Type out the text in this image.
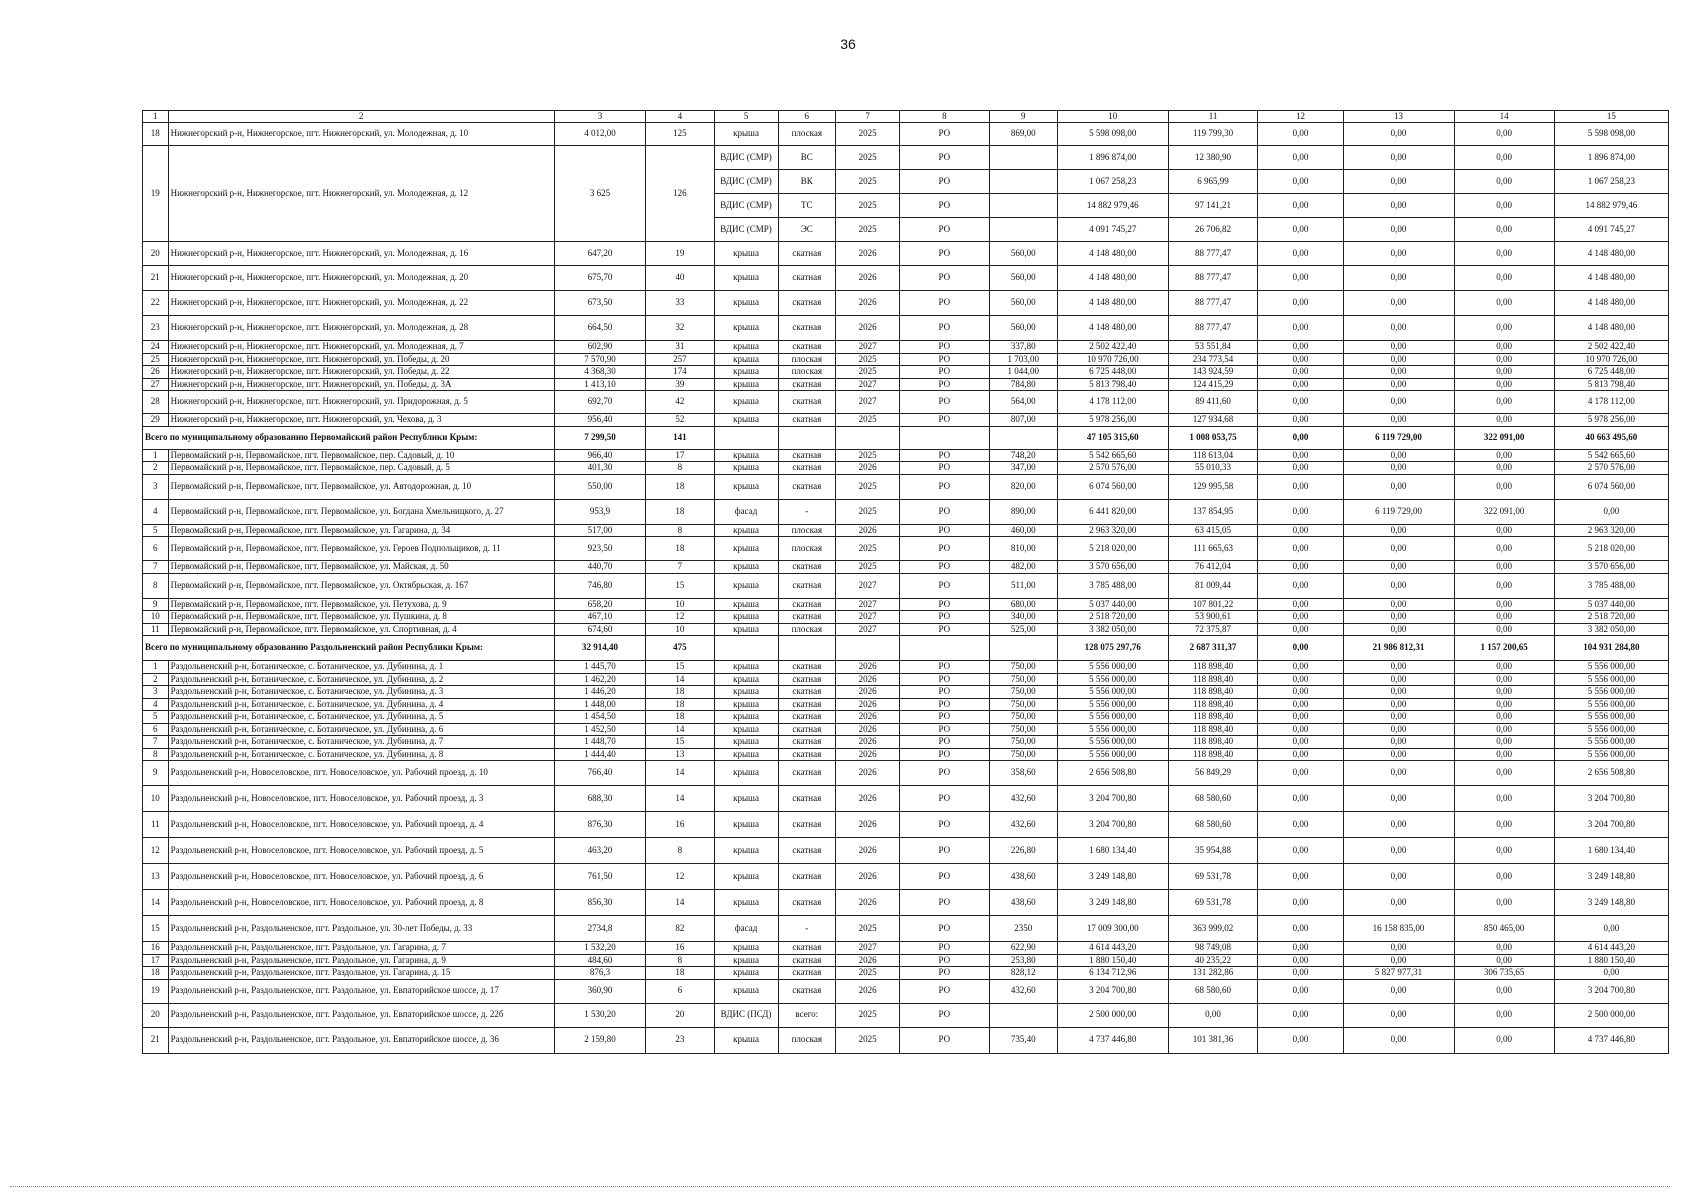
36
1	2	3	4	5	6	7	8	9	10	11	12	13	14	15
18	Нижнегорский р-н, Нижнегорское, пгт. Нижнегорский, ул. Молодежная, д. 10	4 012,00	125	крыша	плоская	2025	РО	869,00	5 598 098,00	119 799,30	0,00	0,00	0,00	5 598 098,00
19	Нижнегорский р-н, Нижнегорское, пгт. Нижнегорский, ул. Молодежная, д. 12	3 625	126	ВДИС (СМР)	ВС	2025	РО		1 896 874,00	12 380,90	0,00	0,00	0,00	1 896 874,00
				ВДИС (СМР)	ВК	2025	РО		1 067 258,23	6 965,99	0,00	0,00	0,00	1 067 258,23
				ВДИС (СМР)	ТС	2025	РО		14 882 979,46	97 141,21	0,00	0,00	0,00	14 882 979,46
				ВДИС (СМР)	ЭС	2025	РО		4 091 745,27	26 706,82	0,00	0,00	0,00	4 091 745,27
20	Нижнегорский р-н, Нижнегорское, пгт. Нижнегорский, ул. Молодежная, д. 16	647,20	19	крыша	скатная	2026	РО	560,00	4 148 480,00	88 777,47	0,00	0,00	0,00	4 148 480,00
21	Нижнегорский р-н, Нижнегорское, пгт. Нижнегорский, ул. Молодежная, д. 20	675,70	40	крыша	скатная	2026	РО	560,00	4 148 480,00	88 777,47	0,00	0,00	0,00	4 148 480,00
22	Нижнегорский р-н, Нижнегорское, пгт. Нижнегорский, ул. Молодежная, д. 22	673,50	33	крыша	скатная	2026	РО	560,00	4 148 480,00	88 777,47	0,00	0,00	0,00	4 148 480,00
23	Нижнегорский р-н, Нижнегорское, пгт. Нижнегорский, ул. Молодежная, д. 28	664,50	32	крыша	скатная	2026	РО	560,00	4 148 480,00	88 777,47	0,00	0,00	0,00	4 148 480,00
24	Нижнегорский р-н, Нижнегорское, пгт. Нижнегорский, ул. Молодежная, д. 7	602,90	31	крыша	скатная	2027	РО	337,80	2 502 422,40	53 551,84	0,00	0,00	0,00	2 502 422,40
25	Нижнегорский р-н, Нижнегорское, пгт. Нижнегорский, ул. Победы, д. 20	7 570,90	257	крыша	плоская	2025	РО	1 703,00	10 970 726,00	234 773,54	0,00	0,00	0,00	10 970 726,00
26	Нижнегорский р-н, Нижнегорское, пгт. Нижнегорский, ул. Победы, д. 22	4 368,30	174	крыша	плоская	2025	РО	1 044,00	6 725 448,00	143 924,59	0,00	0,00	0,00	6 725 448,00
27	Нижнегорский р-н, Нижнегорское, пгт. Нижнегорский, ул. Победы, д. 3А	1 413,10	39	крыша	скатная	2027	РО	784,80	5 813 798,40	124 415,29	0,00	0,00	0,00	5 813 798,40
28	Нижнегорский р-н, Нижнегорское, пгт. Нижнегорский, ул. Придорожная, д. 5	692,70	42	крыша	скатная	2027	РО	564,00	4 178 112,00	89 411,60	0,00	0,00	0,00	4 178 112,00
29	Нижнегорский р-н, Нижнегорское, пгт. Нижнегорский, ул. Чехова, д. 3	956,40	52	крыша	скатная	2025	РО	807,00	5 978 256,00	127 934,68	0,00	0,00	0,00	5 978 256,00
Всего по муниципальному образованию Первомайский район Республики Крым:		7 299,50	141						47 105 315,60	1 008 053,75	0,00	6 119 729,00	322 091,00	40 663 495,60
1	Первомайский р-н, Первомайское, пгт. Первомайское, пер. Садовый, д. 10	966,40	17	крыша	скатная	2025	РО	748,20	5 542 665,60	118 613,04	0,00	0,00	0,00	5 542 665,60
2	Первомайский р-н, Первомайское, пгт. Первомайское, пер. Садовый, д. 5	401,30	8	крыша	скатная	2026	РО	347,00	2 570 576,00	55 010,33	0,00	0,00	0,00	2 570 576,00
3	Первомайский р-н, Первомайское, пгт. Первомайское, ул. Автодорожная, д. 10	550,00	18	крыша	скатная	2025	РО	820,00	6 074 560,00	129 995,58	0,00	0,00	0,00	6 074 560,00
4	Первомайский р-н, Первомайское, пгт. Первомайское, ул. Богдана Хмельницкого, д. 27	953,9	18	фасад	-	2025	РО	890,00	6 441 820,00	137 854,95	0,00	6 119 729,00	322 091,00	0,00
5	Первомайский р-н, Первомайское, пгт. Первомайское, ул. Гагарина, д. 34	517,00	8	крыша	плоская	2026	РО	460,00	2 963 320,00	63 415,05	0,00	0,00	0,00	2 963 320,00
6	Первомайский р-н, Первомайское, пгт. Первомайское, ул. Героев Подпольщиков, д. 11	923,50	18	крыша	плоская	2025	РО	810,00	5 218 020,00	111 665,63	0,00	0,00	0,00	5 218 020,00
7	Первомайский р-н, Первомайское, пгт. Первомайское, ул. Майская, д. 50	440,70	7	крыша	скатная	2025	РО	482,00	3 570 656,00	76 412,04	0,00	0,00	0,00	3 570 656,00
8	Первомайский р-н, Первомайское, пгт. Первомайское, ул. Октябрьская, д. 167	746,80	15	крыша	скатная	2027	РО	511,00	3 785 488,00	81 009,44	0,00	0,00	0,00	3 785 488,00
9	Первомайский р-н, Первомайское, пгт. Первомайское, ул. Петухова, д. 9	658,20	10	крыша	скатная	2027	РО	680,00	5 037 440,00	107 801,22	0,00	0,00	0,00	5 037 440,00
10	Первомайский р-н, Первомайское, пгт. Первомайское, ул. Пушкина, д. 8	467,10	12	крыша	скатная	2027	РО	340,00	2 518 720,00	53 900,61	0,00	0,00	0,00	2 518 720,00
11	Первомайский р-н, Первомайское, пгт. Первомайское, ул. Спортивная, д. 4	674,60	10	крыша	плоская	2027	РО	525,00	3 382 050,00	72 375,87	0,00	0,00	0,00	3 382 050,00
Всего по муниципальному образованию Раздольненский район Республики Крым:		32 914,40	475						128 075 297,76	2 687 311,37	0,00	21 986 812,31	1 157 200,65	104 931 284,80
1	Раздольненский р-н, Ботаническое, с. Ботаническое, ул. Дубинина, д. 1	1 445,70	15	крыша	скатная	2026	РО	750,00	5 556 000,00	118 898,40	0,00	0,00	0,00	5 556 000,00
2	Раздольненский р-н, Ботаническое, с. Ботаническое, ул. Дубинина, д. 2	1 462,20	14	крыша	скатная	2026	РО	750,00	5 556 000,00	118 898,40	0,00	0,00	0,00	5 556 000,00
3	Раздольненский р-н, Ботаническое, с. Ботаническое, ул. Дубинина, д. 3	1 446,20	18	крыша	скатная	2026	РО	750,00	5 556 000,00	118 898,40	0,00	0,00	0,00	5 556 000,00
4	Раздольненский р-н, Ботаническое, с. Ботаническое, ул. Дубинина, д. 4	1 448,00	18	крыша	скатная	2026	РО	750,00	5 556 000,00	118 898,40	0,00	0,00	0,00	5 556 000,00
5	Раздольненский р-н, Ботаническое, с. Ботаническое, ул. Дубинина, д. 5	1 454,50	18	крыша	скатная	2026	РО	750,00	5 556 000,00	118 898,40	0,00	0,00	0,00	5 556 000,00
6	Раздольненский р-н, Ботаническое, с. Ботаническое, ул. Дубинина, д. 6	1 452,50	14	крыша	скатная	2026	РО	750,00	5 556 000,00	118 898,40	0,00	0,00	0,00	5 556 000,00
7	Раздольненский р-н, Ботаническое, с. Ботаническое, ул. Дубинина, д. 7	1 448,70	15	крыша	скатная	2026	РО	750,00	5 556 000,00	118 898,40	0,00	0,00	0,00	5 556 000,00
8	Раздольненский р-н, Ботаническое, с. Ботаническое, ул. Дубинина, д. 8	1 444,40	13	крыша	скатная	2026	РО	750,00	5 556 000,00	118 898,40	0,00	0,00	0,00	5 556 000,00
9	Раздольненский р-н, Новоселовское, пгт. Новоселовское, ул. Рабочий проезд, д. 10	766,40	14	крыша	скатная	2026	РО	358,60	2 656 508,80	56 849,29	0,00	0,00	0,00	2 656 508,80
10	Раздольненский р-н, Новоселовское, пгт. Новоселовское, ул. Рабочий проезд, д. 3	688,30	14	крыша	скатная	2026	РО	432,60	3 204 700,80	68 580,60	0,00	0,00	0,00	3 204 700,80
11	Раздольненский р-н, Новоселовское, пгт. Новоселовское, ул. Рабочий проезд, д. 4	876,30	16	крыша	скатная	2026	РО	432,60	3 204 700,80	68 580,60	0,00	0,00	0,00	3 204 700,80
12	Раздольненский р-н, Новоселовское, пгт. Новоселовское, ул. Рабочий проезд, д. 5	463,20	8	крыша	скатная	2026	РО	226,80	1 680 134,40	35 954,88	0,00	0,00	0,00	1 680 134,40
13	Раздольненский р-н, Новоселовское, пгт. Новоселовское, ул. Рабочий проезд, д. 6	761,50	12	крыша	скатная	2026	РО	438,60	3 249 148,80	69 531,78	0,00	0,00	0,00	3 249 148,80
14	Раздольненский р-н, Новоселовское, пгт. Новоселовское, ул. Рабочий проезд, д. 8	856,30	14	крыша	скатная	2026	РО	438,60	3 249 148,80	69 531,78	0,00	0,00	0,00	3 249 148,80
15	Раздольненский р-н, Раздольненское, пгт. Раздольное, ул. 30-лет Победы, д. 33	2734,8	82	фасад	-	2025	РО	2350	17 009 300,00	363 999,02	0,00	16 158 835,00	850 465,00	0,00
16	Раздольненский р-н, Раздольненское, пгт. Раздольное, ул. Гагарина, д. 7	1 532,20	16	крыша	скатная	2027	РО	622,90	4 614 443,20	98 749,08	0,00	0,00	0,00	4 614 443,20
17	Раздольненский р-н, Раздольненское, пгт. Раздольное, ул. Гагарина, д. 9	484,60	8	крыша	скатная	2026	РО	253,80	1 880 150,40	40 235,22	0,00	0,00	0,00	1 880 150,40
18	Раздольненский р-н, Раздольненское, пгт. Раздольное, ул. Гагарина, д. 15	876,3	18	крыша	скатная	2025	РО	828,12	6 134 712,96	131 282,86	0,00	5 827 977,31	306 735,65	0,00
19	Раздольненский р-н, Раздольненское, пгт. Раздольное, ул. Евпаторийское шоссе, д. 17	360,90	6	крыша	скатная	2026	РО	432,60	3 204 700,80	68 580,60	0,00	0,00	0,00	3 204 700,80
20	Раздольненский р-н, Раздольненское, пгт. Раздольное, ул. Евпаторийское шоссе, д. 22б	1 530,20	20	ВДИС (ПСД)	всего:	2025	РО		2 500 000,00	0,00	0,00	0,00	0,00	2 500 000,00
21	Раздольненский р-н, Раздольненское, пгт. Раздольное, ул. Евпаторийское шоссе, д. 36	2 159,80	23	крыша	плоская	2025	РО	735,40	4 737 446,80	101 381,36	0,00	0,00	0,00	4 737 446,80
